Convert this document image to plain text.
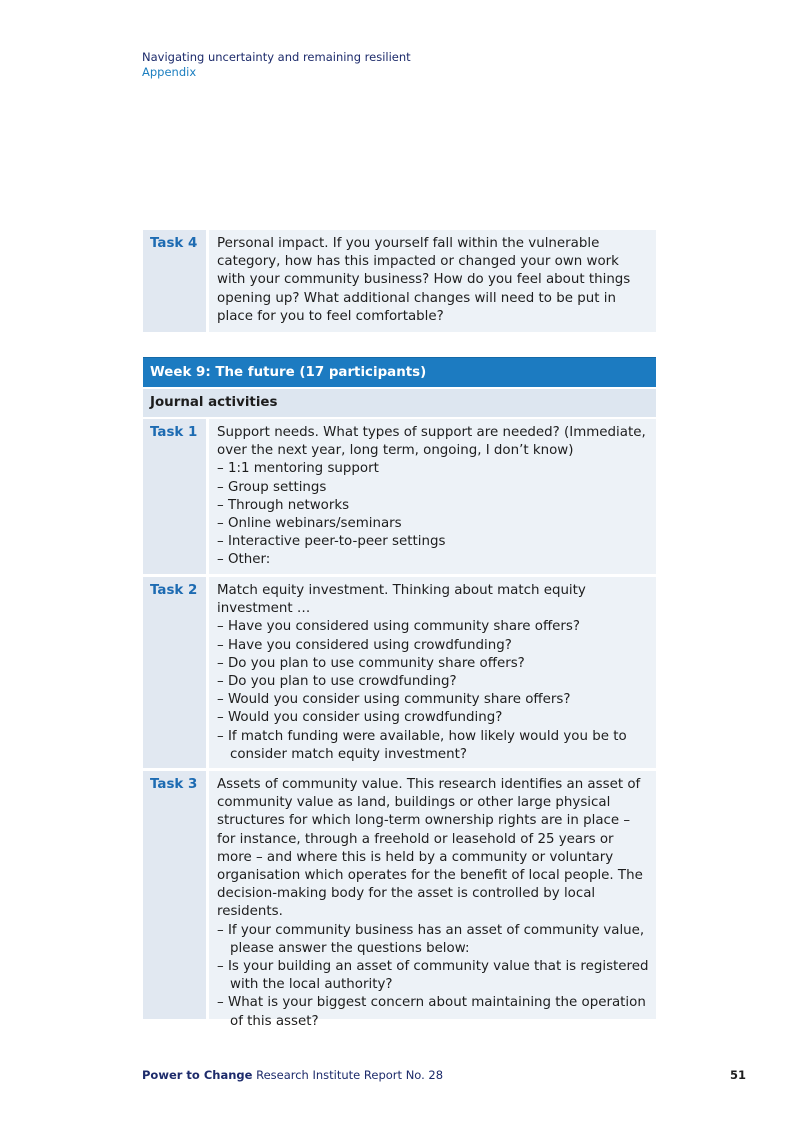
Navigating uncertainty and remaining resilient
Appendix
Task 4	Personal impact. If you yourself fall within the vulnerable category, how has this impacted or changed your own work with your community business? How do you feel about things opening up? What additional changes will need to be put in place for you to feel comfortable?

Week 9: The future (17 participants)
Journal activities
Task 1	Support needs. What types of support are needed? (Immediate, over the next year, long term, ongoing, I don’t know)

– 1:1 mentoring support
– Group settings
– Through networks
– Online webinars/seminars
– Interactive peer-to-peer settings
– Other:
Task 2	Match equity investment. Thinking about match equity investment …

– Have you considered using community share offers?
– Have you considered using crowdfunding?
– Do you plan to use community share offers?
– Do you plan to use crowdfunding?
– Would you consider using community share offers?
– Would you consider using crowdfunding?
– If match funding were available, how likely would you be to consider match equity investment?
Task 3	Assets of community value. This research identifies an asset of community value as land, buildings or other large physical structures for which long-term ownership rights are in place – for instance, through a freehold or leasehold of 25 years or more – and where this is held by a community or voluntary organisation which operates for the benefit of local people. The decision-making body for the asset is controlled by local residents.

– If your community business has an asset of community value, please answer the questions below:
– Is your building an asset of community value that is registered with the local authority?
– What is your biggest concern about maintaining the operation of this asset?
Power to Change Research Institute Report No. 28	51
